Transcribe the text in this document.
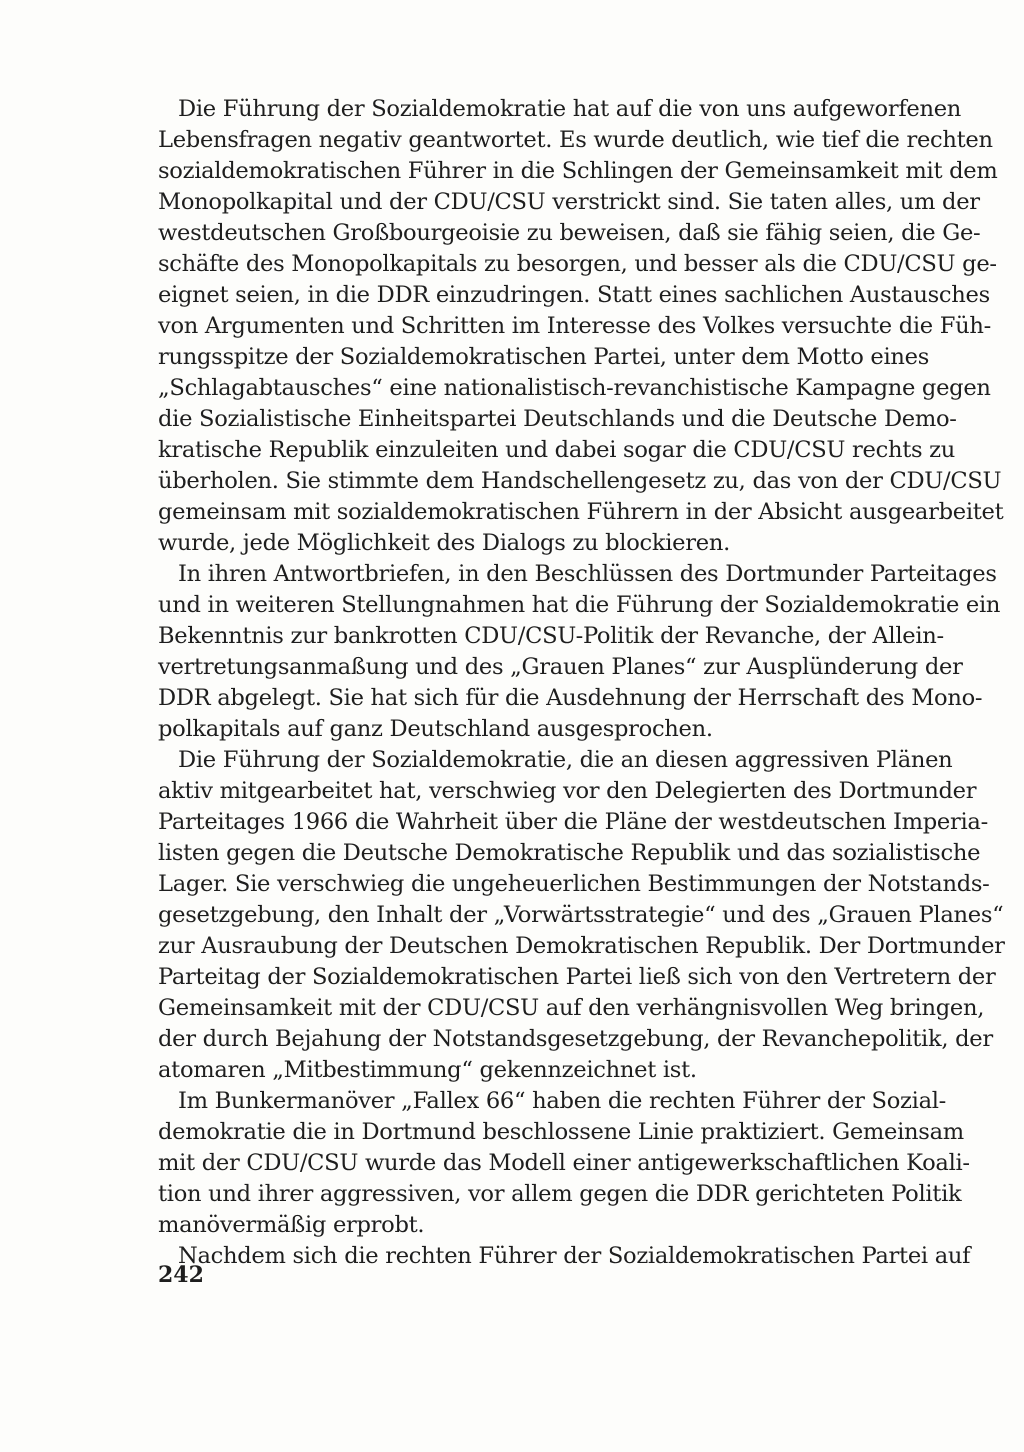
Die Führung der Sozialdemokratie hat auf die von uns aufgeworfenen
Lebensfragen negativ geantwortet. Es wurde deutlich, wie tief die rechten
sozialdemokratischen Führer in die Schlingen der Gemeinsamkeit mit dem
Monopolkapital und der CDU/CSU verstrickt sind. Sie taten alles, um der
westdeutschen Großbourgeoisie zu beweisen, daß sie fähig seien, die Ge-
schäfte des Monopolkapitals zu besorgen, und besser als die CDU/CSU ge-
eignet seien, in die DDR einzudringen. Statt eines sachlichen Austausches
von Argumenten und Schritten im Interesse des Volkes versuchte die Füh-
rungsspitze der Sozialdemokratischen Partei, unter dem Motto eines
„Schlagabtausches“ eine nationalistisch-revanchistische Kampagne gegen
die Sozialistische Einheitspartei Deutschlands und die Deutsche Demo-
kratische Republik einzuleiten und dabei sogar die CDU/CSU rechts zu
überholen. Sie stimmte dem Handschellengesetz zu, das von der CDU/CSU
gemeinsam mit sozialdemokratischen Führern in der Absicht ausgearbeitet
wurde, jede Möglichkeit des Dialogs zu blockieren.
In ihren Antwortbriefen, in den Beschlüssen des Dortmunder Parteitages
und in weiteren Stellungnahmen hat die Führung der Sozialdemokratie ein
Bekenntnis zur bankrotten CDU/CSU-Politik der Revanche, der Allein-
vertretungsanmaßung und des „Grauen Planes“ zur Ausplünderung der
DDR abgelegt. Sie hat sich für die Ausdehnung der Herrschaft des Mono-
polkapitals auf ganz Deutschland ausgesprochen.
Die Führung der Sozialdemokratie, die an diesen aggressiven Plänen
aktiv mitgearbeitet hat, verschwieg vor den Delegierten des Dortmunder
Parteitages 1966 die Wahrheit über die Pläne der westdeutschen Imperia-
listen gegen die Deutsche Demokratische Republik und das sozialistische
Lager. Sie verschwieg die ungeheuerlichen Bestimmungen der Notstands-
gesetzgebung, den Inhalt der „Vorwärtsstrategie“ und des „Grauen Planes“
zur Ausraubung der Deutschen Demokratischen Republik. Der Dortmunder
Parteitag der Sozialdemokratischen Partei ließ sich von den Vertretern der
Gemeinsamkeit mit der CDU/CSU auf den verhängnisvollen Weg bringen,
der durch Bejahung der Notstandsgesetzgebung, der Revanchepolitik, der
atomaren „Mitbestimmung“ gekennzeichnet ist.
Im Bunkermanöver „Fallex 66“ haben die rechten Führer der Sozial-
demokratie die in Dortmund beschlossene Linie praktiziert. Gemeinsam
mit der CDU/CSU wurde das Modell einer antigewerkschaftlichen Koali-
tion und ihrer aggressiven, vor allem gegen die DDR gerichteten Politik
manövermäßig erprobt.
Nachdem sich die rechten Führer der Sozialdemokratischen Partei auf
242
